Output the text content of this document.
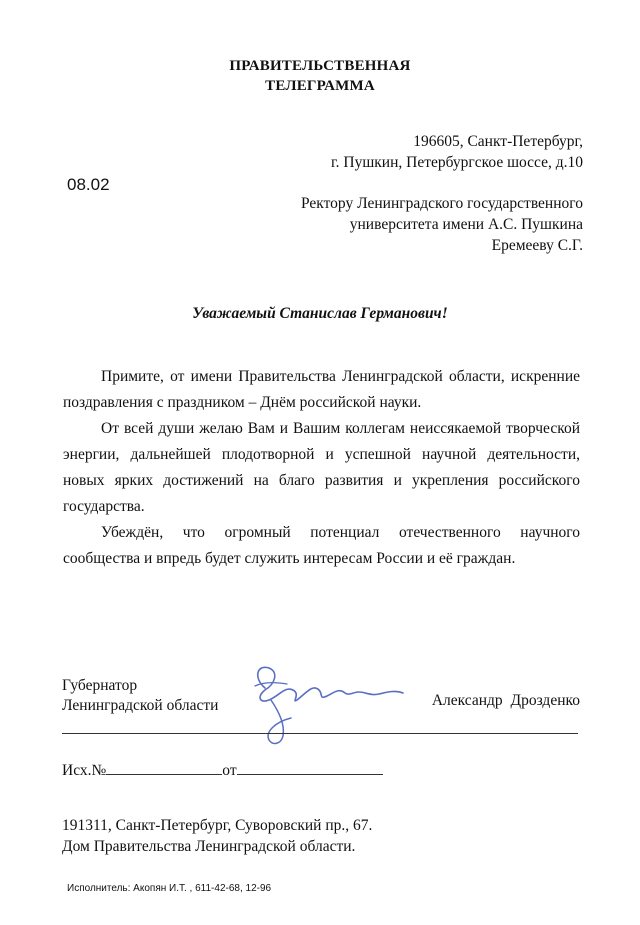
ПРАВИТЕЛЬСТВЕННАЯ
ТЕЛЕГРАММА
196605, Санкт-Петербург,
г. Пушкин, Петербургское шоссе, д.10
08.02
Ректору Ленинградского государственного
университета имени А.С. Пушкина
Еремееву С.Г.
Уважаемый Станислав Германович!

Примите, от имени Правительства Ленинградской области, искренние поздравления с праздником – Днём российской науки.

От всей души желаю Вам и Вашим коллегам неиссякаемой творческой энергии, дальнейшей плодотворной и успешной научной деятельности, новых ярких достижений на благо развития и укрепления российского государства.

Убеждён, что огромный потенциал отечественного научного сообщества и впредь будет служить интересам России и её граждан.

Губернатор
Ленинградской области	Александр Дрозденко
Исх.№	от
191311, Санкт-Петербург, Суворовский пр., 67.
Дом Правительства Ленинградской области.
Исполнитель: Акопян И.Т. , 611-42-68, 12-96
